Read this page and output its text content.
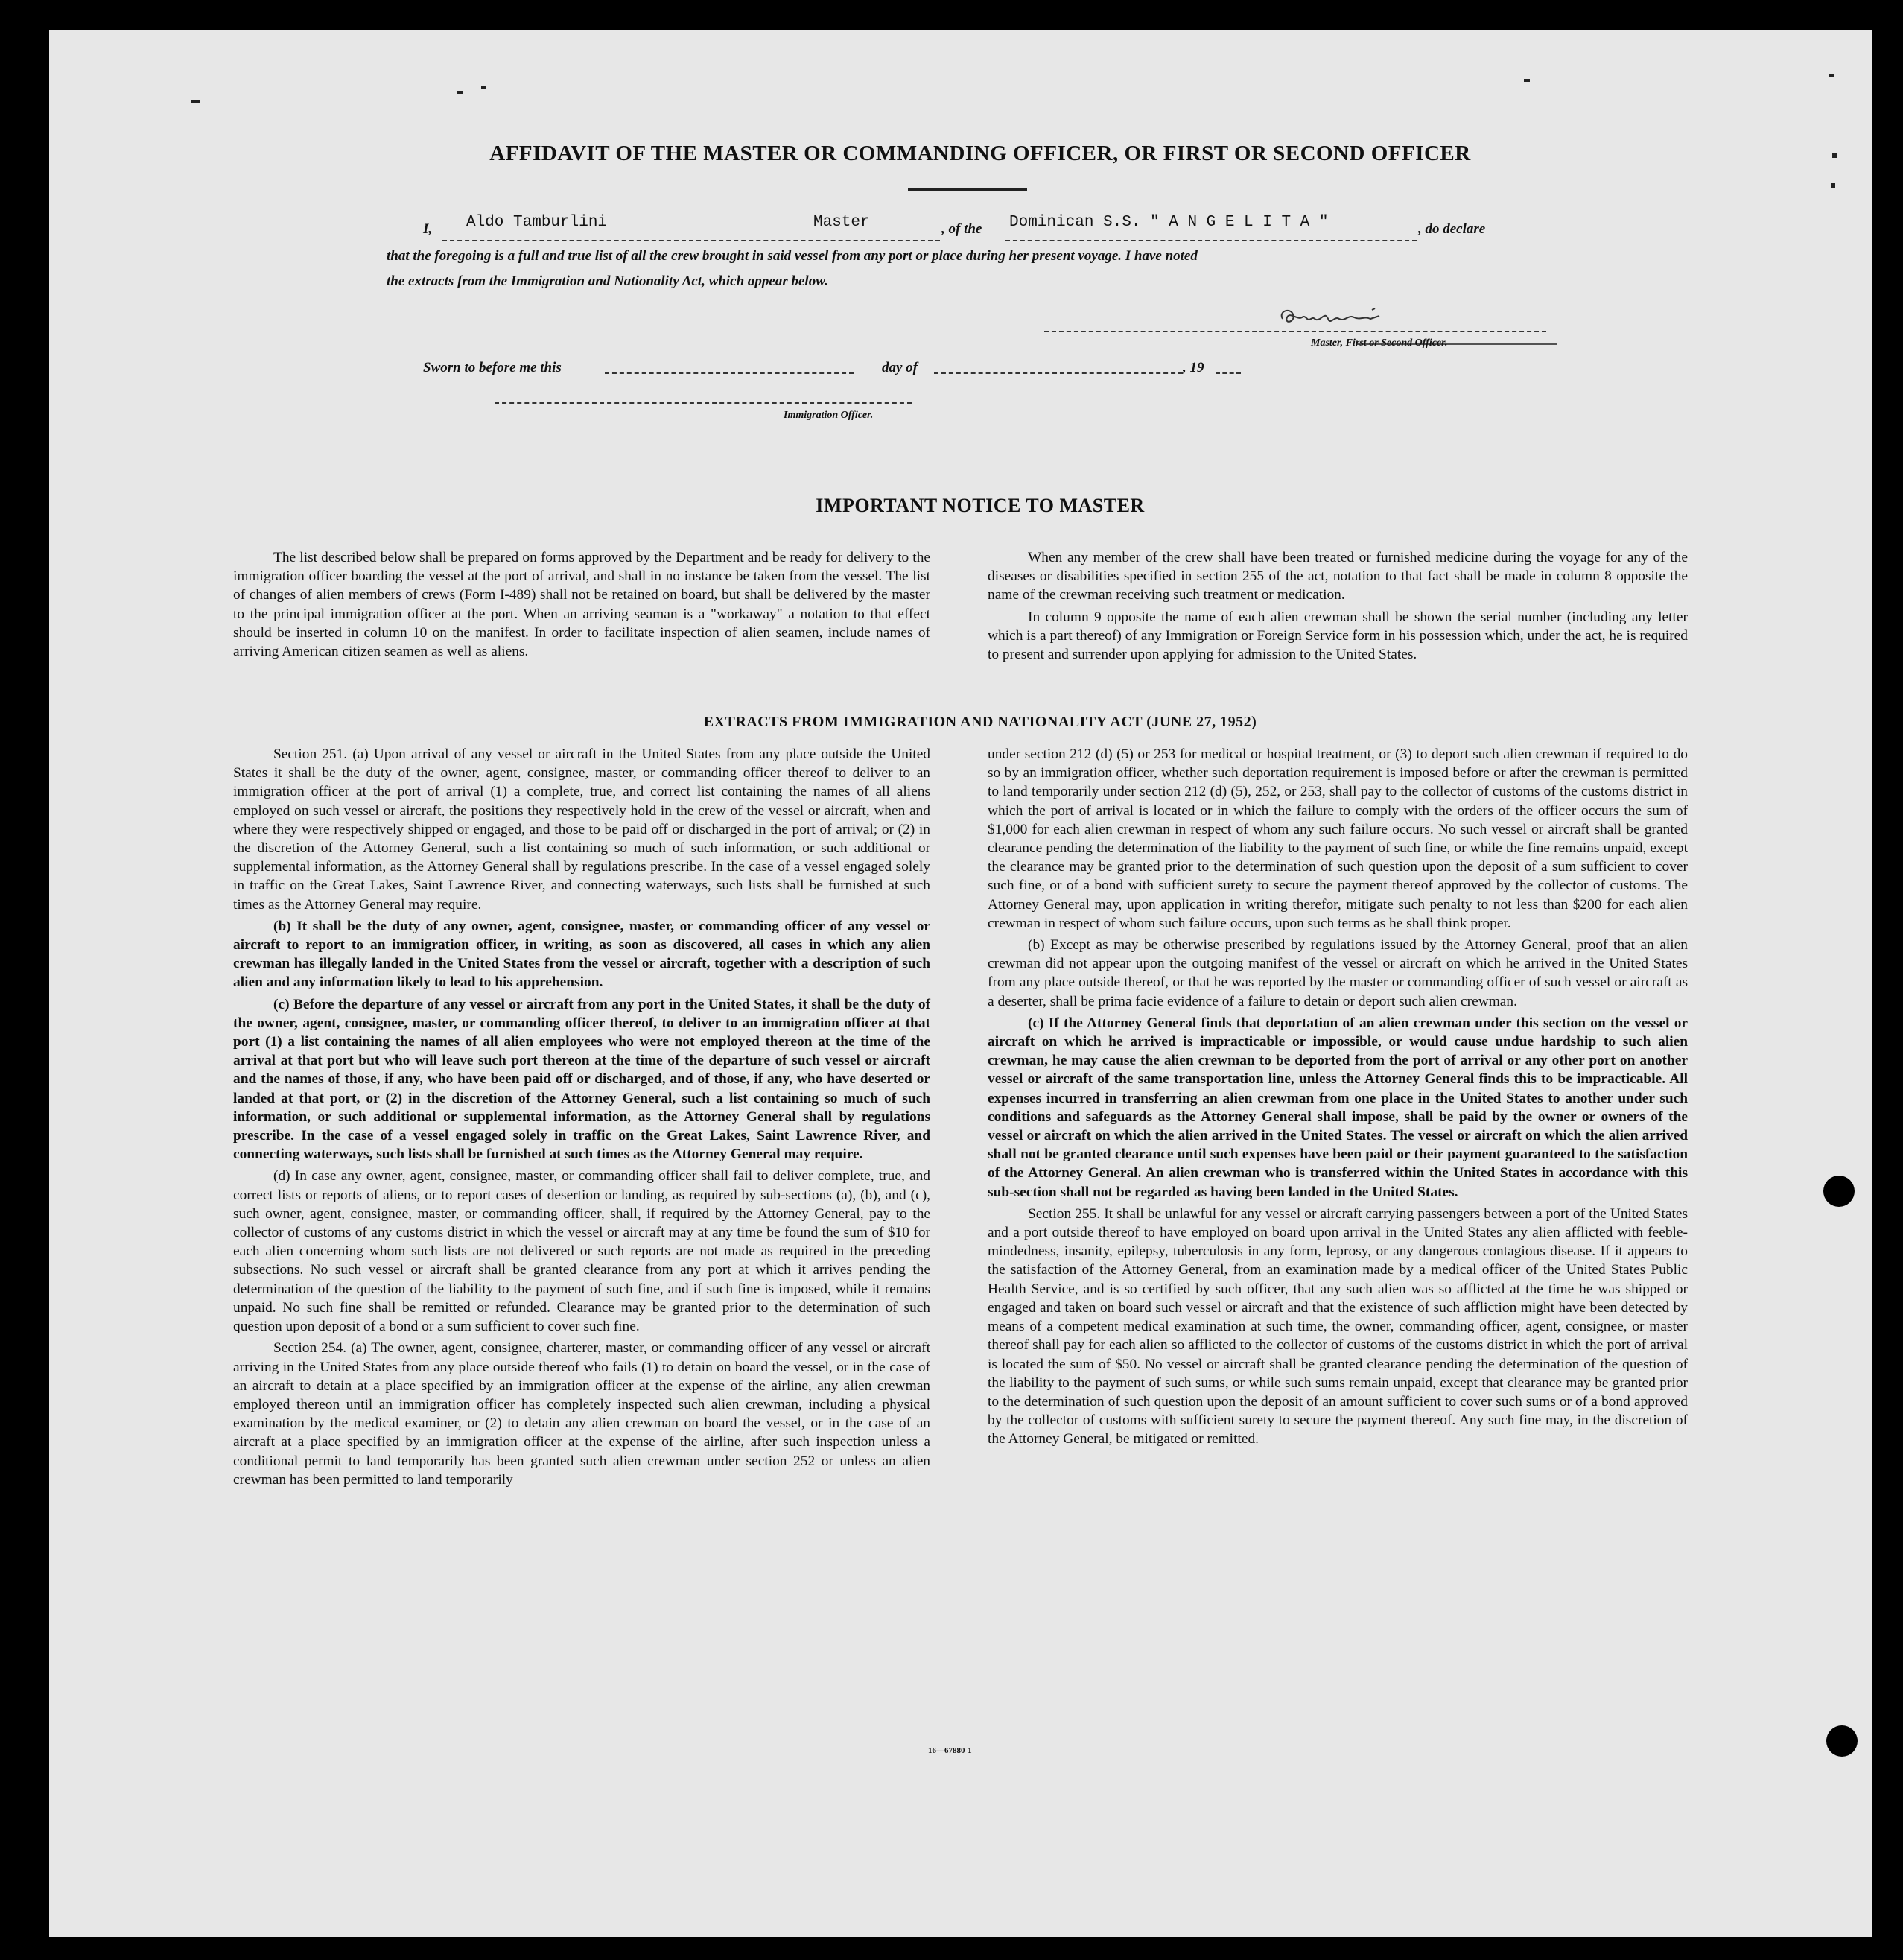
AFFIDAVIT OF THE MASTER OR COMMANDING OFFICER, OR FIRST OR SECOND OFFICER
I, Aldo Tamburlini	Master	, of the Dominican S.S. " A N G E L I T A "	, do declare
that the foregoing is a full and true list of all the crew brought in said vessel from any port or place during her present voyage. I have noted
the extracts from the Immigration and Nationality Act, which appear below.
Master, First or Second Officer.
Sworn to before me this	day of	, 19
Immigration Officer.
IMPORTANT NOTICE TO MASTER

The list described below shall be prepared on forms approved by the Department and be ready for delivery to the immigration officer boarding the vessel at the port of arrival, and shall in no instance be taken from the vessel. The list of changes of alien members of crews (Form I-489) shall not be retained on board, but shall be delivered by the master to the principal immigration officer at the port. When an arriving seaman is a "workaway" a notation to that effect should be inserted in column 10 on the manifest. In order to facilitate inspection of alien seamen, include names of arriving American citizen seamen as well as aliens.

When any member of the crew shall have been treated or furnished medicine during the voyage for any of the diseases or disabilities specified in section 255 of the act, notation to that fact shall be made in column 8 opposite the name of the crewman receiving such treatment or medication.

In column 9 opposite the name of each alien crewman shall be shown the serial number (including any letter which is a part thereof) of any Immigration or Foreign Service form in his possession which, under the act, he is required to present and surrender upon applying for admission to the United States.

EXTRACTS FROM IMMIGRATION AND NATIONALITY ACT (JUNE 27, 1952)

Section 251. (a) Upon arrival of any vessel or aircraft in the United States from any place outside the United States it shall be the duty of the owner, agent, consignee, master, or commanding officer thereof to deliver to an immigration officer at the port of arrival (1) a complete, true, and correct list containing the names of all aliens employed on such vessel or aircraft, the positions they respectively hold in the crew of the vessel or aircraft, when and where they were respectively shipped or engaged, and those to be paid off or discharged in the port of arrival; or (2) in the discretion of the Attorney General, such a list containing so much of such information, or such additional or supplemental information, as the Attorney General shall by regulations prescribe. In the case of a vessel engaged solely in traffic on the Great Lakes, Saint Lawrence River, and connecting waterways, such lists shall be furnished at such times as the Attorney General may require.

(b) It shall be the duty of any owner, agent, consignee, master, or commanding officer of any vessel or aircraft to report to an immigration officer, in writing, as soon as discovered, all cases in which any alien crewman has illegally landed in the United States from the vessel or aircraft, together with a description of such alien and any information likely to lead to his apprehension.

(c) Before the departure of any vessel or aircraft from any port in the United States, it shall be the duty of the owner, agent, consignee, master, or commanding officer thereof, to deliver to an immigration officer at that port (1) a list containing the names of all alien employees who were not employed thereon at the time of the arrival at that port but who will leave such port thereon at the time of the departure of such vessel or aircraft and the names of those, if any, who have been paid off or discharged, and of those, if any, who have deserted or landed at that port, or (2) in the discretion of the Attorney General, such a list containing so much of such information, or such additional or supplemental information, as the Attorney General shall by regulations prescribe. In the case of a vessel engaged solely in traffic on the Great Lakes, Saint Lawrence River, and connecting waterways, such lists shall be furnished at such times as the Attorney General may require.

(d) In case any owner, agent, consignee, master, or commanding officer shall fail to deliver complete, true, and correct lists or reports of aliens, or to report cases of desertion or landing, as required by sub-sections (a), (b), and (c), such owner, agent, consignee, master, or commanding officer, shall, if required by the Attorney General, pay to the collector of customs of any customs district in which the vessel or aircraft may at any time be found the sum of $10 for each alien concerning whom such lists are not delivered or such reports are not made as required in the preceding subsections. No such vessel or aircraft shall be granted clearance from any port at which it arrives pending the determination of the question of the liability to the payment of such fine, and if such fine is imposed, while it remains unpaid. No such fine shall be remitted or refunded. Clearance may be granted prior to the determination of such question upon deposit of a bond or a sum sufficient to cover such fine.

Section 254. (a) The owner, agent, consignee, charterer, master, or commanding officer of any vessel or aircraft arriving in the United States from any place outside thereof who fails (1) to detain on board the vessel, or in the case of an aircraft to detain at a place specified by an immigration officer at the expense of the airline, any alien crewman employed thereon until an immigration officer has completely inspected such alien crewman, including a physical examination by the medical examiner, or (2) to detain any alien crewman on board the vessel, or in the case of an aircraft at a place specified by an immigration officer at the expense of the airline, after such inspection unless a conditional permit to land temporarily has been granted such alien crewman under section 252 or unless an alien crewman has been permitted to land temporarily

under section 212 (d) (5) or 253 for medical or hospital treatment, or (3) to deport such alien crewman if required to do so by an immigration officer, whether such deportation requirement is imposed before or after the crewman is permitted to land temporarily under section 212 (d) (5), 252, or 253, shall pay to the collector of customs of the customs district in which the port of arrival is located or in which the failure to comply with the orders of the officer occurs the sum of $1,000 for each alien crewman in respect of whom any such failure occurs. No such vessel or aircraft shall be granted clearance pending the determination of the liability to the payment of such fine, or while the fine remains unpaid, except the clearance may be granted prior to the determination of such question upon the deposit of a sum sufficient to cover such fine, or of a bond with sufficient surety to secure the payment thereof approved by the collector of customs. The Attorney General may, upon application in writing therefor, mitigate such penalty to not less than $200 for each alien crewman in respect of whom such failure occurs, upon such terms as he shall think proper.

(b) Except as may be otherwise prescribed by regulations issued by the Attorney General, proof that an alien crewman did not appear upon the outgoing manifest of the vessel or aircraft on which he arrived in the United States from any place outside thereof, or that he was reported by the master or commanding officer of such vessel or aircraft as a deserter, shall be prima facie evidence of a failure to detain or deport such alien crewman.

(c) If the Attorney General finds that deportation of an alien crewman under this section on the vessel or aircraft on which he arrived is impracticable or impossible, or would cause undue hardship to such alien crewman, he may cause the alien crewman to be deported from the port of arrival or any other port on another vessel or aircraft of the same transportation line, unless the Attorney General finds this to be impracticable. All expenses incurred in transferring an alien crewman from one place in the United States to another under such conditions and safeguards as the Attorney General shall impose, shall be paid by the owner or owners of the vessel or aircraft on which the alien arrived in the United States. The vessel or aircraft on which the alien arrived shall not be granted clearance until such expenses have been paid or their payment guaranteed to the satisfaction of the Attorney General. An alien crewman who is transferred within the United States in accordance with this sub-section shall not be regarded as having been landed in the United States.

Section 255. It shall be unlawful for any vessel or aircraft carrying passengers between a port of the United States and a port outside thereof to have employed on board upon arrival in the United States any alien afflicted with feeble-mindedness, insanity, epilepsy, tuberculosis in any form, leprosy, or any dangerous contagious disease. If it appears to the satisfaction of the Attorney General, from an examination made by a medical officer of the United States Public Health Service, and is so certified by such officer, that any such alien was so afflicted at the time he was shipped or engaged and taken on board such vessel or aircraft and that the existence of such affliction might have been detected by means of a competent medical examination at such time, the owner, commanding officer, agent, consignee, or master thereof shall pay for each alien so afflicted to the collector of customs of the customs district in which the port of arrival is located the sum of $50. No vessel or aircraft shall be granted clearance pending the determination of the question of the liability to the payment of such sums, or while such sums remain unpaid, except that clearance may be granted prior to the determination of such question upon the deposit of an amount sufficient to cover such sums or of a bond approved by the collector of customs with sufficient surety to secure the payment thereof. Any such fine may, in the discretion of the Attorney General, be mitigated or remitted.

16—67880-1
